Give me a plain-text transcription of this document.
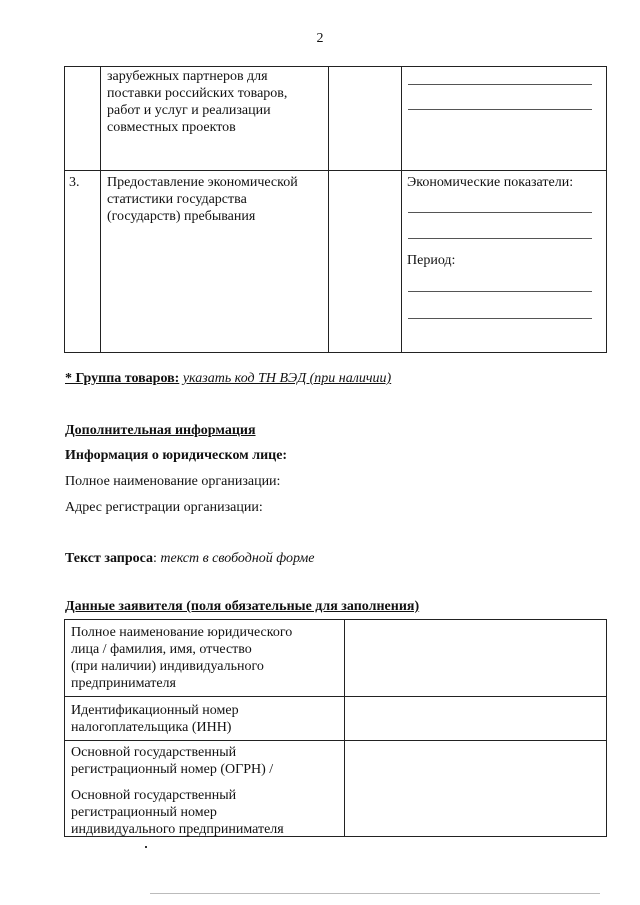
2
зарубежных партнеров для
поставки российских товаров,
работ и услуг и реализации
совместных проектов
3. Предоставление экономической
статистики государства
(государств) пребывания
Экономические показатели:
Период:
* Группа товаров: указать код ТН ВЭД (при наличии)
Дополнительная информация
Информация о юридическом лице:
Полное наименование организации:
Адрес регистрации организации:
Текст запроса: текст в свободной форме
Данные заявителя (поля обязательные для заполнения)
Полное наименование юридического
лица / фамилия, имя, отчество
(при наличии) индивидуального
предпринимателя
Идентификационный номер
налогоплательщика (ИНН)
Основной государственный
регистрационный номер (ОГРН) /
Основной государственный
регистрационный номер
индивидуального предпринимателя
